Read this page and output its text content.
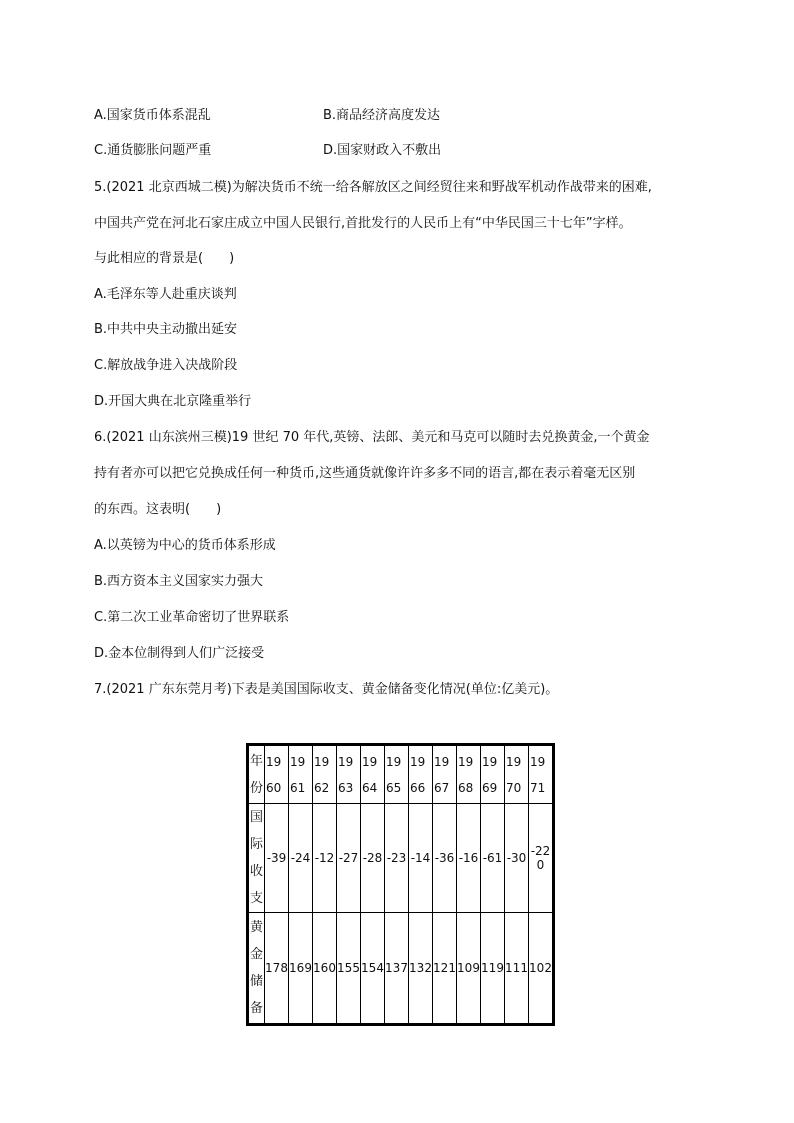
A.国家货币体系混乱	B.商品经济高度发达
C.通货膨胀问题严重	D.国家财政入不敷出
5.(2021 北京西城二模)为解决货币不统一给各解放区之间经贸往来和野战军机动作战带来的困难,
中国共产党在河北石家庄成立中国人民银行,首批发行的人民币上有“中华民国三十七年”字样。
与此相应的背景是(　　)
A.毛泽东等人赴重庆谈判
B.中共中央主动撤出延安
C.解放战争进入决战阶段
D.开国大典在北京隆重举行
6.(2021 山东滨州三模)19 世纪 70 年代,英镑、法郎、美元和马克可以随时去兑换黄金,一个黄金
持有者亦可以把它兑换成任何一种货币,这些通货就像许许多多不同的语言,都在表示着毫无区别
的东西。这表明(　　)
A.以英镑为中心的货币体系形成
B.西方资本主义国家实力强大
C.第二次工业革命密切了世界联系
D.金本位制得到人们广泛接受
7.(2021 广东东莞月考)下表是美国国际收支、黄金储备变化情况(单位:亿美元)。
年
份	1960	1961	1962	1963	1964	1965	1966	1967	1968	1969	1970	1971

国
际
收
支	-39	-24	-12	-27	-28	-23	-14	-36	-16	-61	-30	-220

黄
金
储
备	178	169	160	155	154	137	132	121	109	119	111	102
